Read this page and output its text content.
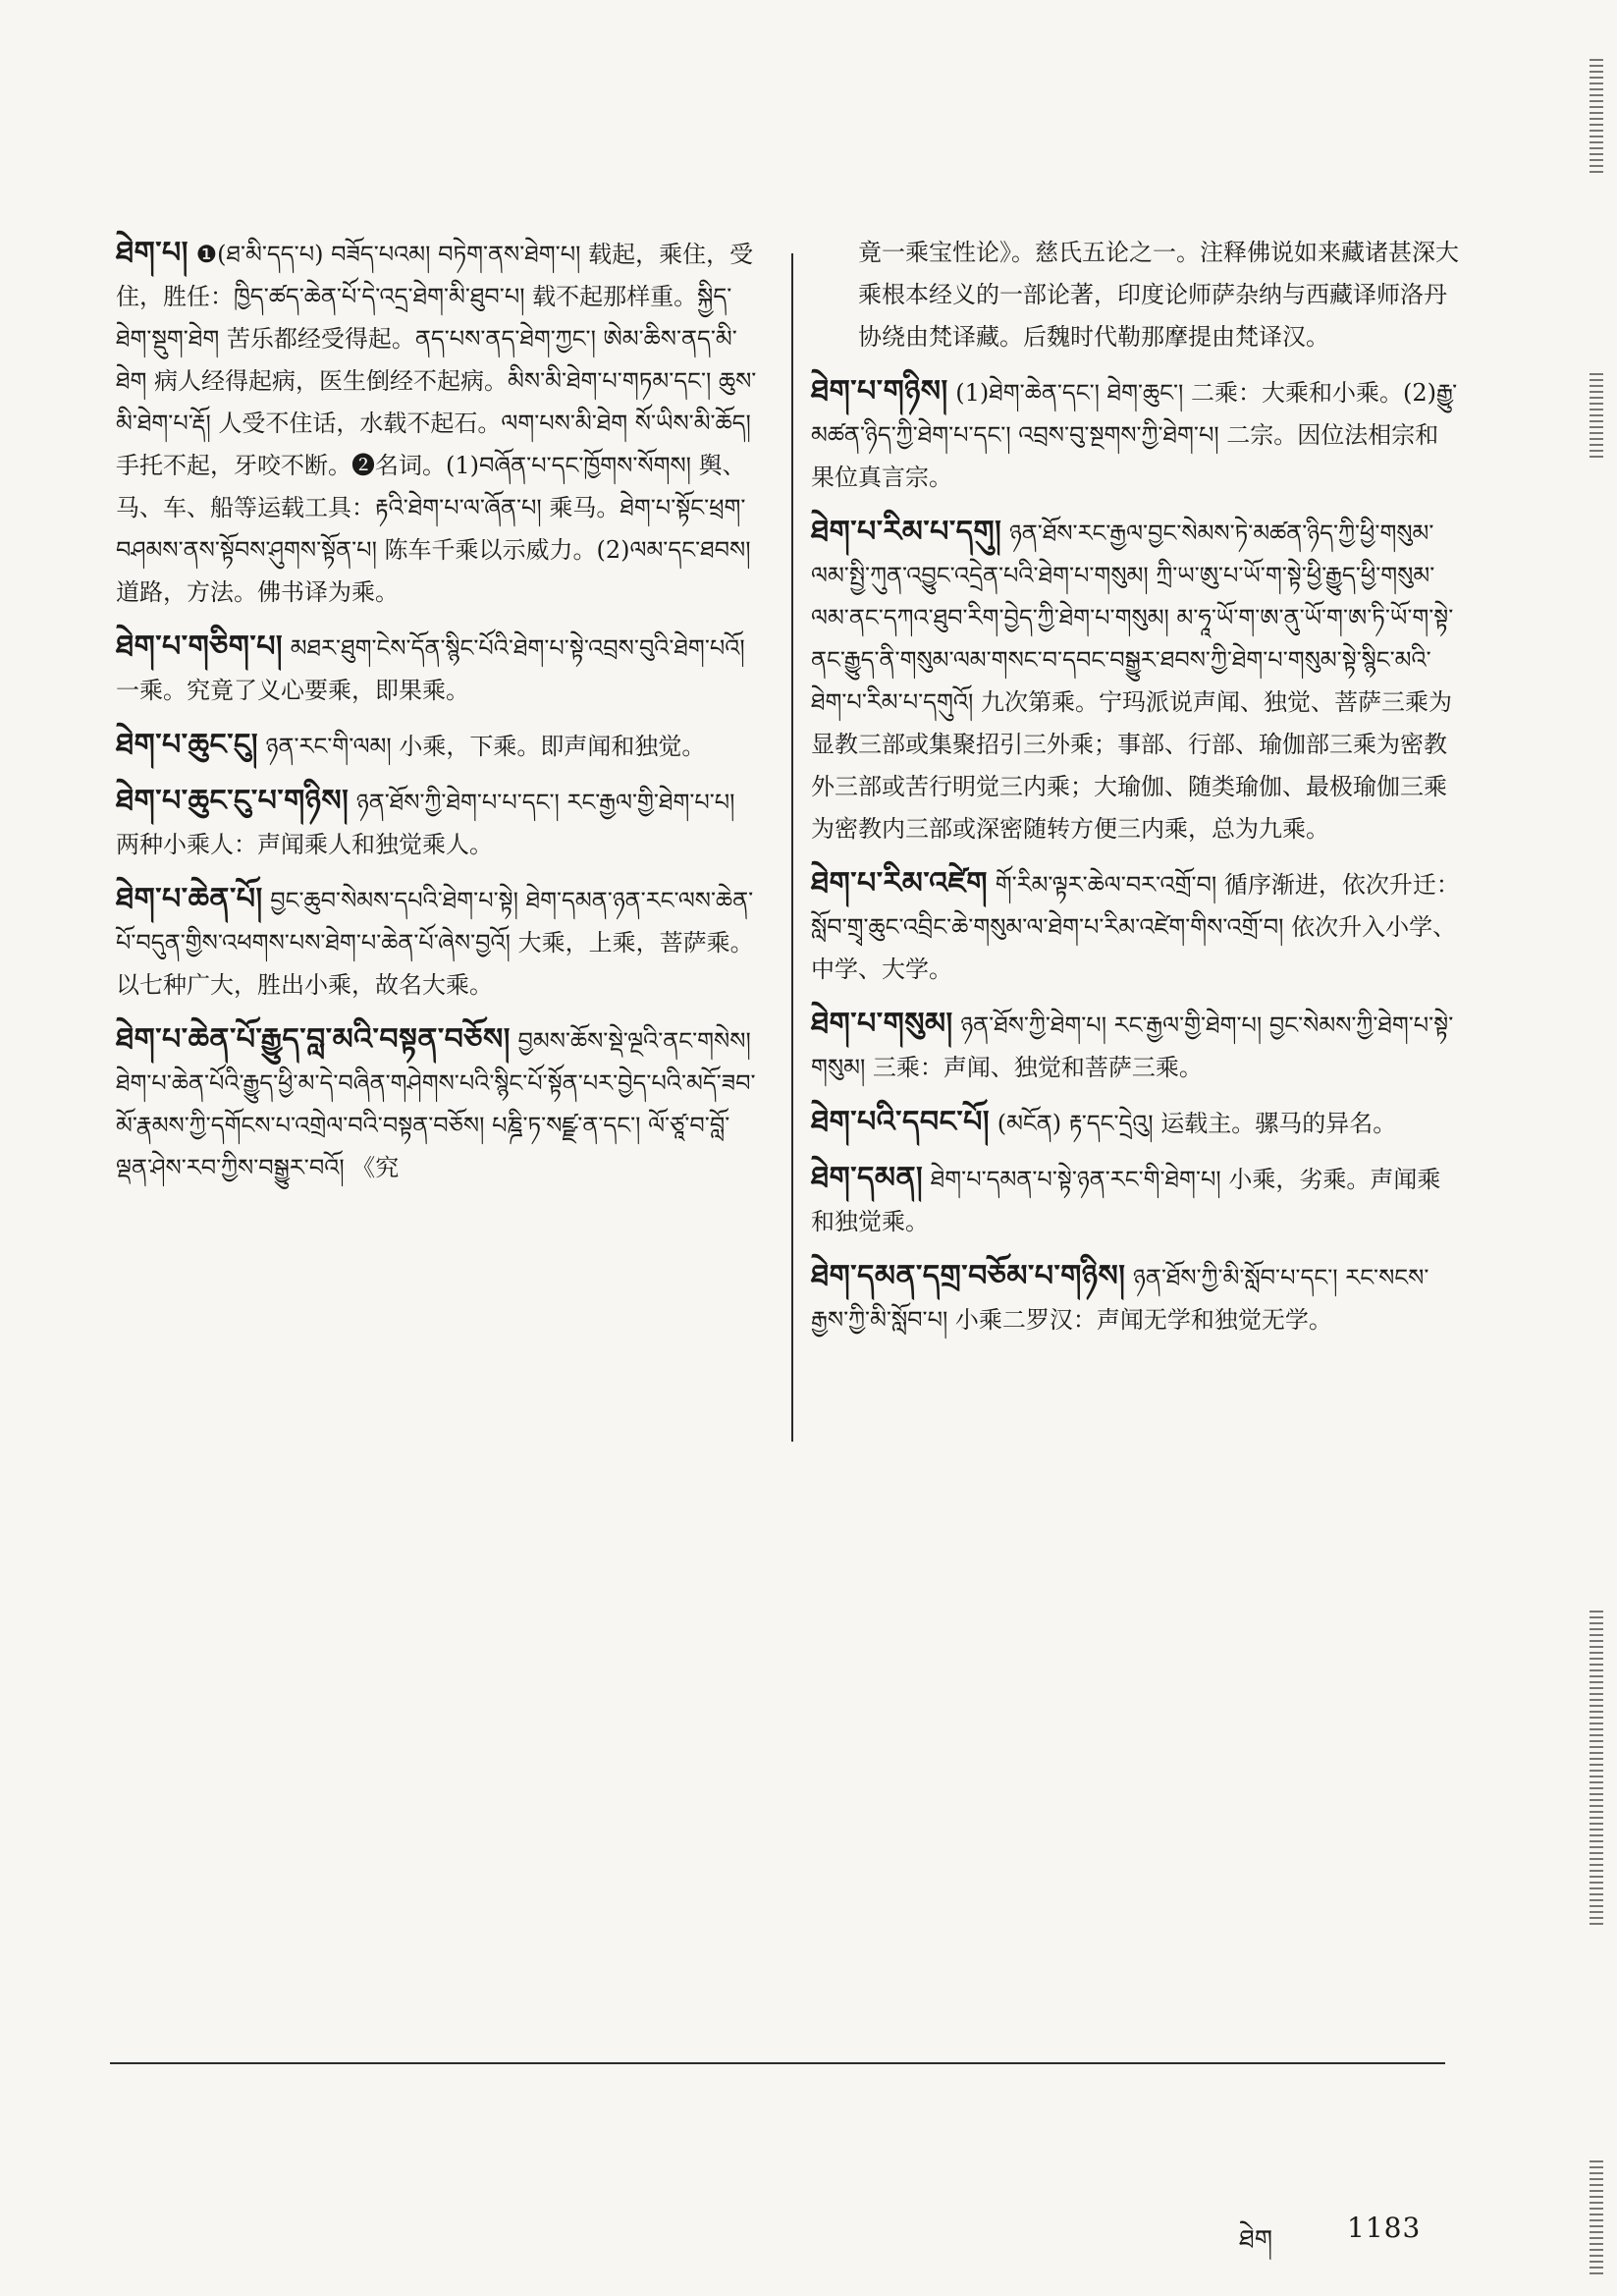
ཐེག་པ། ❶(ཐ་མི་དད་པ) བཟོད་པའམ། བཏེག་ནས་ཐེག་པ། 载起，乘住，受住，胜任：ཁྱིད་ཚད་ཆེན་པོ་དེ་འདྲ་ཐེག་མི་ཐུབ་པ། 载不起那样重。སྐྱིད་ཐེག་སྡུག་ཐེག 苦乐都经受得起。ནད་པས་ནད་ཐེག་ཀྱང་། ཨེམ་ཆིས་ནད་མི་ཐེག 病人经得起病，医生倒经不起病。མིས་མི་ཐེག་པ་གཏམ་དང་། ཆུས་མི་ཐེག་པ་རྡོ། 人受不住话，水载不起石。ལག་པས་མི་ཐེག སོ་ཡིས་མི་ཆོད། 手托不起，牙咬不断。❷名词。(1)བཞོན་པ་དང་ཁྱོགས་སོགས། 舆、马、车、船等运载工具：རྟའི་ཐེག་པ་ལ་ཞོན་པ། 乘马。ཐེག་པ་སྟོང་ཕྲག་བཤམས་ནས་སྟོབས་ཤུགས་སྟོན་པ། 陈车千乘以示威力。(2)ལམ་དང་ཐབས། 道路，方法。佛书译为乘。
ཐེག་པ་གཅིག་པ། མཐར་ཐུག་ངེས་དོན་སྙིང་པོའི་ཐེག་པ་སྟེ་འབྲས་བུའི་ཐེག་པའོ། 一乘。究竟了义心要乘，即果乘。
ཐེག་པ་ཆུང་ངུ། ཉན་རང་གི་ལམ། 小乘，下乘。即声闻和独觉。
ཐེག་པ་ཆུང་ངུ་པ་གཉིས། ཉན་ཐོས་ཀྱི་ཐེག་པ་པ་དང་། རང་རྒྱལ་གྱི་ཐེག་པ་པ། 两种小乘人：声闻乘人和独觉乘人。
ཐེག་པ་ཆེན་པོ། བྱང་ཆུབ་སེམས་དཔའི་ཐེག་པ་སྟེ། ཐེག་དམན་ཉན་རང་ལས་ཆེན་པོ་བདུན་གྱིས་འཕགས་པས་ཐེག་པ་ཆེན་པོ་ཞེས་བྱའོ། 大乘，上乘，菩萨乘。以七种广大，胜出小乘，故名大乘。
ཐེག་པ་ཆེན་པོ་རྒྱུད་བླ་མའི་བསྟན་བཅོས། བྱམས་ཆོས་སྡེ་ལྔའི་ནང་གསེས། ཐེག་པ་ཆེན་པོའི་རྒྱུད་ཕྱི་མ་དེ་བཞིན་གཤེགས་པའི་སྙིང་པོ་སྟོན་པར་བྱེད་པའི་མདོ་ཟབ་མོ་རྣམས་ཀྱི་དགོངས་པ་འགྲེལ་བའི་བསྟན་བཅོས། པཎྜི་ཏ་སཛྫ་ན་དང་། ལོ་ཙཱ་བ་བློ་ལྡན་ཤེས་རབ་ཀྱིས་བསྒྱུར་བའོ། 《究
竟一乘宝性论》。慈氏五论之一。注释佛说如来藏诸甚深大乘根本经义的一部论著，印度论师萨杂纳与西藏译师洛丹协绕由梵译藏。后魏时代勒那摩提由梵译汉。
ཐེག་པ་གཉིས། (1)ཐེག་ཆེན་དང་། ཐེག་ཆུང་། 二乘：大乘和小乘。(2)རྒྱུ་མཚན་ཉིད་ཀྱི་ཐེག་པ་དང་། འབྲས་བུ་སྔགས་ཀྱི་ཐེག་པ། 二宗。因位法相宗和果位真言宗。
ཐེག་པ་རིམ་པ་དགུ། ཉན་ཐོས་རང་རྒྱལ་བྱང་སེམས་ཏེ་མཚན་ཉིད་ཀྱི་ཕྱི་གསུམ་ལམ་སྤྱི་ཀུན་འབྱུང་འདྲེན་པའི་ཐེག་པ་གསུམ། ཀྲི་ཡ་ཨུ་པ་ཡོ་ག་སྟེ་ཕྱི་རྒྱུད་ཕྱི་གསུམ་ལམ་ནང་དཀའ་ཐུབ་རིག་བྱེད་ཀྱི་ཐེག་པ་གསུམ། མ་ཧཱ་ཡོ་ག་ཨ་ནུ་ཡོ་ག་ཨ་ཏི་ཡོ་ག་སྟེ་ནང་རྒྱུད་ནི་གསུམ་ལམ་གསང་བ་དབང་བསྒྱུར་ཐབས་ཀྱི་ཐེག་པ་གསུམ་སྟེ་སྙིང་མའི་ཐེག་པ་རིམ་པ་དགུའོ། 九次第乘。宁玛派说声闻、独觉、菩萨三乘为显教三部或集聚招引三外乘；事部、行部、瑜伽部三乘为密教外三部或苦行明觉三内乘；大瑜伽、随类瑜伽、最极瑜伽三乘为密教内三部或深密随转方便三内乘，总为九乘。
ཐེག་པ་རིམ་འཛེག གོ་རིམ་ལྟར་ཆེལ་བར་འགྲོ་བ། 循序渐进，依次升迁：སློབ་གྲྭ་ཆུང་འབྲིང་ཆེ་གསུམ་ལ་ཐེག་པ་རིམ་འཛེག་གིས་འགྲོ་བ། 依次升入小学、中学、大学。
ཐེག་པ་གསུམ། ཉན་ཐོས་ཀྱི་ཐེག་པ། རང་རྒྱལ་གྱི་ཐེག་པ། བྱང་སེམས་ཀྱི་ཐེག་པ་སྟེ་གསུམ། 三乘：声闻、独觉和菩萨三乘。
ཐེག་པའི་དབང་པོ། (མངོན) རྟ་དང་དྲེའུ། 运载主。骡马的异名。
ཐེག་དམན། ཐེག་པ་དམན་པ་སྟེ་ཉན་རང་གི་ཐེག་པ། 小乘，劣乘。声闻乘和独觉乘。
ཐེག་དམན་དགྲ་བཅོམ་པ་གཉིས། ཉན་ཐོས་ཀྱི་མི་སློབ་པ་དང་། རང་སངས་རྒྱས་ཀྱི་མི་སློབ་པ། 小乘二罗汉：声闻无学和独觉无学。
ཐེག	1183
